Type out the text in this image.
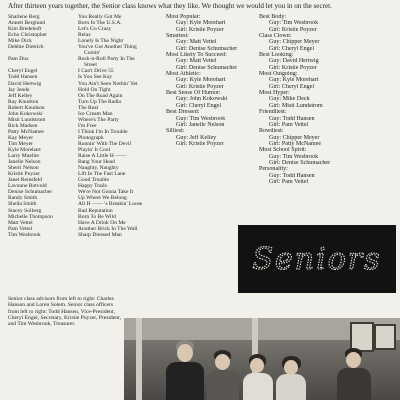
After thirteen years together, the Senior class knows what they like. We thought we would let you in on the secret.
Sharlene Berg
Annett Berglund
Kim Bredehoft
Echo Christopher
Mike Dick
Debbie Dietrich
Pam Dux
Cheryl Engel
Todd Hansen
David Hertwig
Jay Jende
Jeff Kelley
Ray Knudson
Robert Knudson
John Kokowski
Misti Lundstrom
Rick Madsen
Patty McNamee
Kay Meyer
Tim Meyer
Kyle Morehart
Larry Mueller
Janelle Nelson
Sherri Nelson
Kristie Poyzer
Janet Reinsfeld
Lavonne Rotvold
Denise Schumacher
Randy Smith
Sheila Smith
Stacey Solberg
Michelle Thompson
Matt Vettel
Pam Vettel
Tim Wesbrook
You Really Got Me
Born In The U.S.A.
Let's Go Crazy
Relax
Lonely Is The Night
You've Got Another Thing
Comin'
Rock-n-Roll Party In The
Street
I Can't Drive 55
Is You See Kay
You Ain't Seen Nothin' Yet
Hold On Tight
On The Road Again
Turn Up The Radio
The Real
Ice Cream Man
Where's The Party
I'm Free
I Think I'm In Trouble
Photograph
Runnin' With The Devil
Playin' It Cool
Raise A Little H ——
Bang Your Head
Naughty, Naughty
Lift In The Fast Lane
Good Trouble
Happy Trails
We're Not Gonna Take It
Up Where We Belong
All H —— 's Breakin' Loose
Bad Reputation
Born To Be Wild
Have A Drink On Me
Another Brick In The Wall
Sharp Dressed Man
Most Popular:
Guy: Kyle Morehart
Girl: Kristie Poyzer
Smartest:
Guy: Matt Vettel
Girl: Denise Schumacher
Most Likely To Succeed:
Guy: Matt Vettel
Girl: Denise Schumacher
Most Athletic:
Guy: Kyle Morehart
Girl: Kristie Poyzer
Best Sense Of Humor:
Guy: John Kokowski
Girl: Cheryl Engel
Best Dressed:
Guy: Tim Wesbrook
Girl: Janelle Nelson
Silliest:
Guy: Jeff Kelley
Girl: Kristie Poyzer
Best Body:
Guy: Tim Wesbrook
Girl: Kristie Poyzer
Class Clown:
Guy: Chipper Meyer
Girl: Cheryl Engel
Best Looking:
Guy: David Hertwig
Girl: Kristie Poyzer
Most Outgoing:
Guy: Kyle Morehart
Girl: Cheryl Engel
Most Hyper:
Guy: Mike Deck
Girl: Misti Lundstrom
Friendliest:
Guy: Todd Hansen
Girl: Pam Vettel
Rowdiest:
Guy: Chipper Meyer
Girl: Patty McNamee
Most School Spirit:
Guy: Tim Wesbrook
Girl: Denise Schumacher
Personality:
Guy: Todd Hansen
Girl: Pam Vettel
Seniors
Senior class advisors from left to right: Charles Hanson and Loren Solem. Senior class officers from left to right: Todd Hansen, Vice-President, Cheryl Engel, Secretary, Kristie Poyzer, President, and Tim Wesbrook, Treasurer.
